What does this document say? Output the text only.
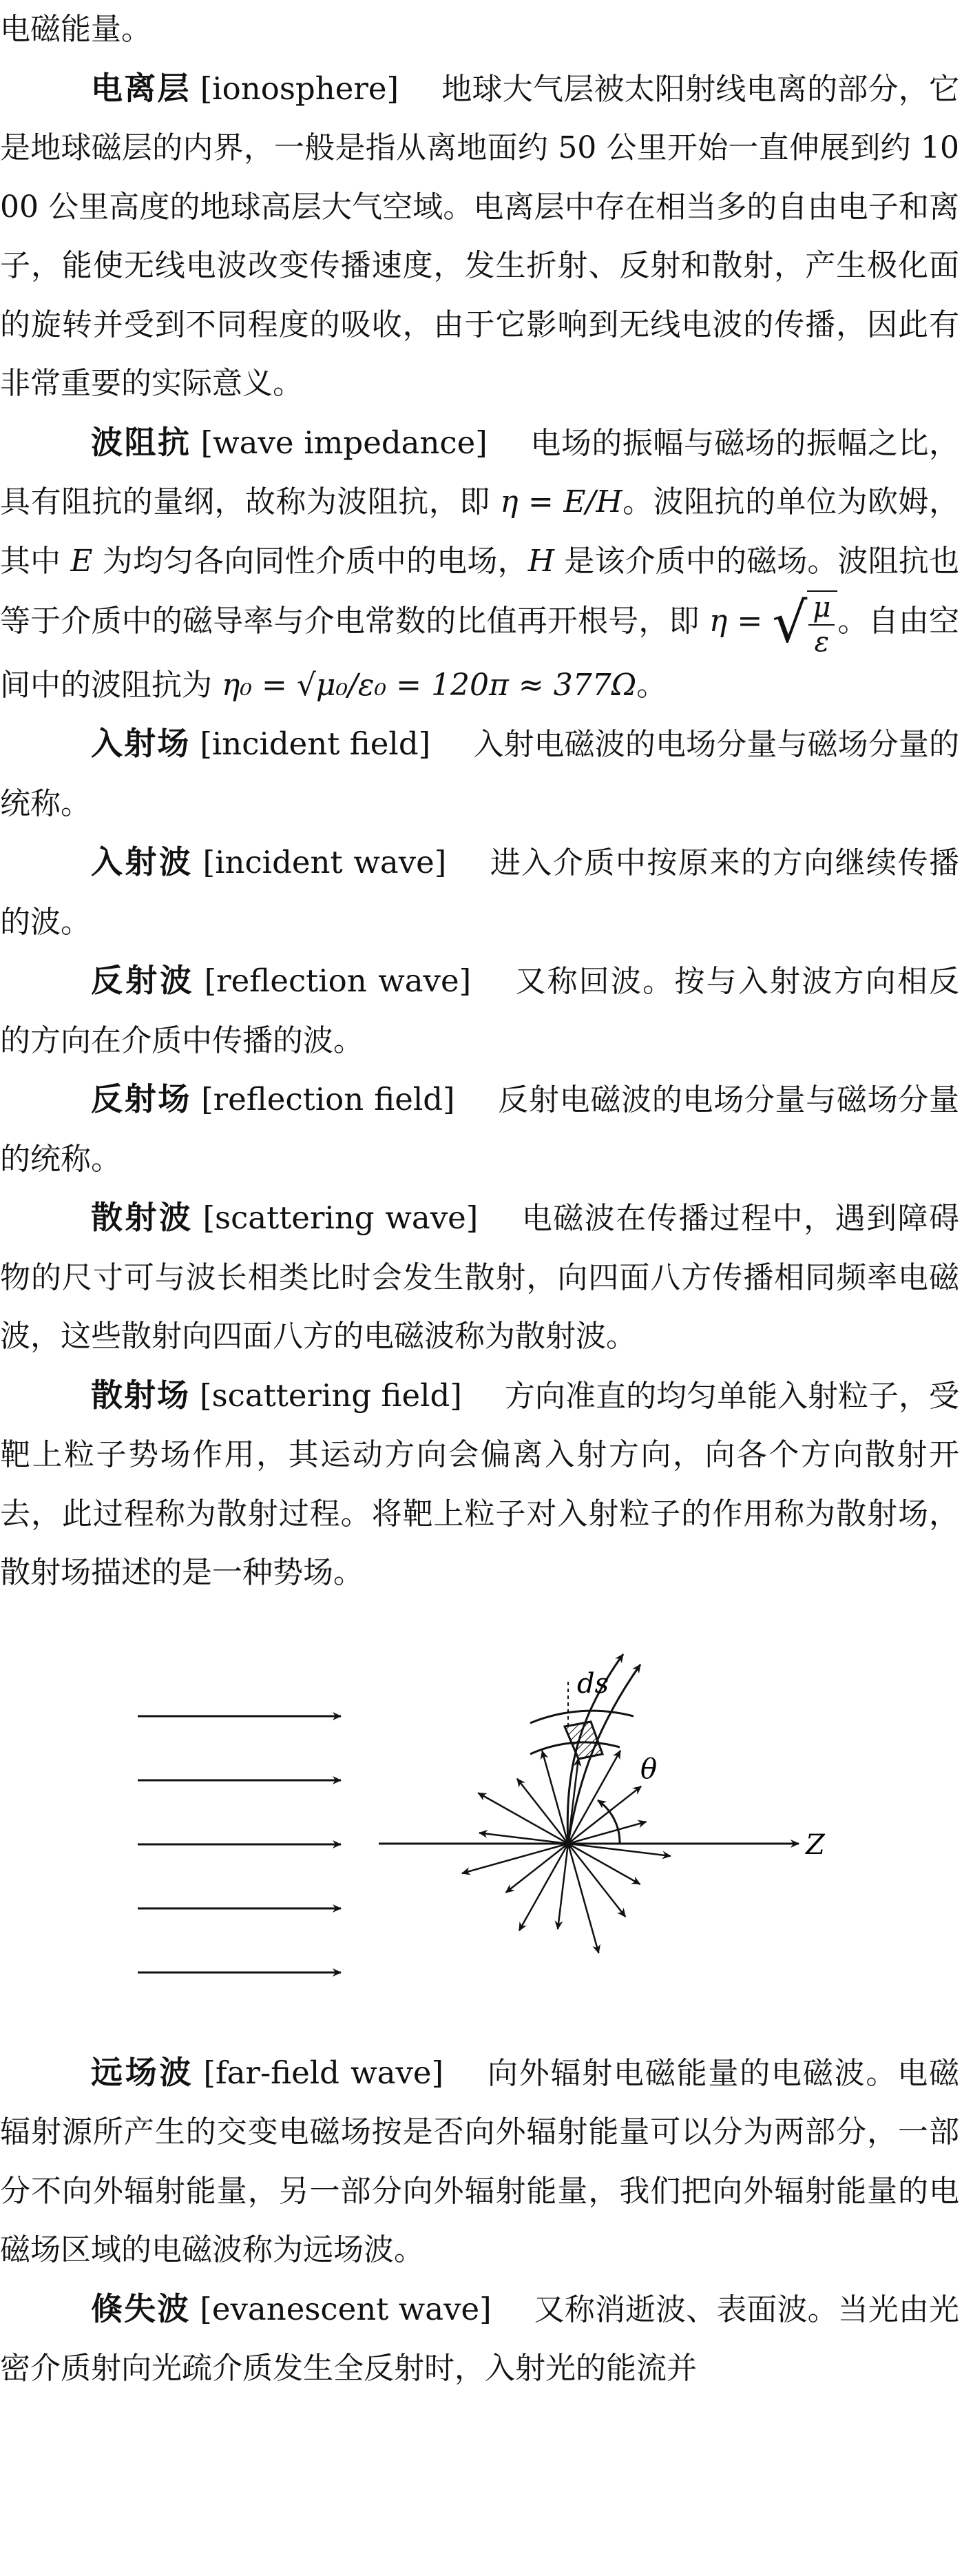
电磁能量。

电离层 [ionosphere] 地球大气层被太阳射线电离的部分，它是地球磁层的内界，一般是指从离地面约 50 公里开始一直伸展到约 1000 公里高度的地球高层大气空域。电离层中存在相当多的自由电子和离子，能使无线电波改变传播速度，发生折射、反射和散射，产生极化面的旋转并受到不同程度的吸收，由于它影响到无线电波的传播，因此有非常重要的实际意义。

波阻抗 [wave impedance] 电场的振幅与磁场的振幅之比，具有阻抗的量纲，故称为波阻抗，即 η = E/H。波阻抗的单位为欧姆，其中 E 为均匀各向同性介质中的电场，H 是该介质中的磁场。波阻抗也等于介质中的磁导率与介电常数的比值再开根号，即 η = √ $\frac{\mu}{\varepsilon}$ 。自由空间中的波阻抗为 η₀ = √μ₀/ε₀ = 120π ≈ 377Ω。

入射场 [incident field] 入射电磁波的电场分量与磁场分量的统称。

入射波 [incident wave] 进入介质中按原来的方向继续传播的波。

反射波 [reflection wave] 又称回波。按与入射波方向相反的方向在介质中传播的波。

反射场 [reflection field] 反射电磁波的电场分量与磁场分量的统称。

散射波 [scattering wave] 电磁波在传播过程中，遇到障碍物的尺寸可与波长相类比时会发生散射，向四面八方传播相同频率电磁波，这些散射向四面八方的电磁波称为散射波。

散射场 [scattering field] 方向准直的均匀单能入射粒子，受靶上粒子势场作用，其运动方向会偏离入射方向，向各个方向散射开去，此过程称为散射过程。将靶上粒子对入射粒子的作用称为散射场，散射场描述的是一种势场。

ds
θ
Z

远场波 [far-field wave] 向外辐射电磁能量的电磁波。电磁辐射源所产生的交变电磁场按是否向外辐射能量可以分为两部分，一部分不向外辐射能量，另一部分向外辐射能量，我们把向外辐射能量的电磁场区域的电磁波称为远场波。

倏失波 [evanescent wave] 又称消逝波、表面波。当光由光密介质射向光疏介质发生全反射时，入射光的能流并
